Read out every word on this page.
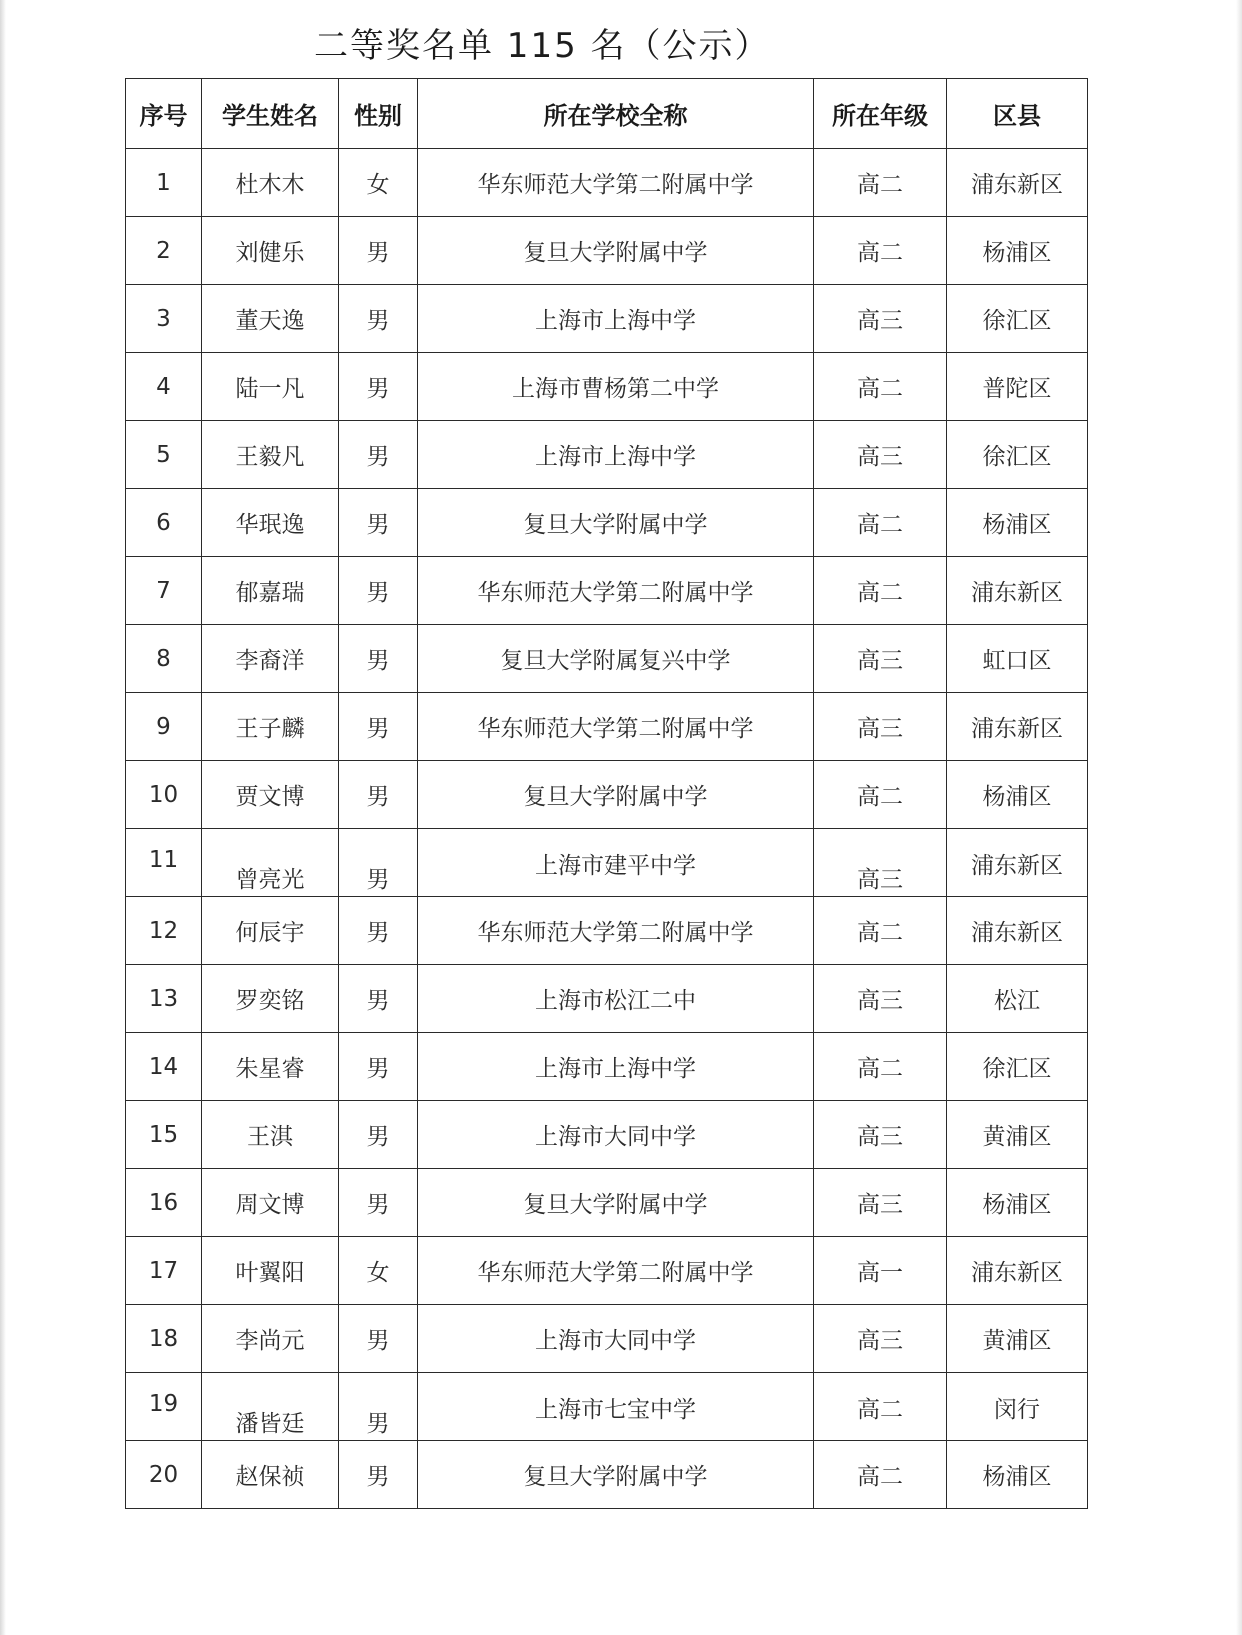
二等奖名单 115 名（公示）
序号	学生姓名	性别	所在学校全称	所在年级	区县
1	杜木木	女	华东师范大学第二附属中学	高二	浦东新区
2	刘健乐	男	复旦大学附属中学	高二	杨浦区
3	董天逸	男	上海市上海中学	高三	徐汇区
4	陆一凡	男	上海市曹杨第二中学	高二	普陀区
5	王毅凡	男	上海市上海中学	高三	徐汇区
6	华珉逸	男	复旦大学附属中学	高二	杨浦区
7	郁嘉瑞	男	华东师范大学第二附属中学	高二	浦东新区
8	李裔洋	男	复旦大学附属复兴中学	高三	虹口区
9	王子麟	男	华东师范大学第二附属中学	高三	浦东新区
10	贾文博	男	复旦大学附属中学	高二	杨浦区
11	曾亮光	男	上海市建平中学	高三	浦东新区
12	何辰宇	男	华东师范大学第二附属中学	高二	浦东新区
13	罗奕铭	男	上海市松江二中	高三	松江
14	朱星睿	男	上海市上海中学	高二	徐汇区
15	王淇	男	上海市大同中学	高三	黄浦区
16	周文博	男	复旦大学附属中学	高三	杨浦区
17	叶翼阳	女	华东师范大学第二附属中学	高一	浦东新区
18	李尚元	男	上海市大同中学	高三	黄浦区
19	潘皆廷	男	上海市七宝中学	高二	闵行
20	赵保祯	男	复旦大学附属中学	高二	杨浦区
